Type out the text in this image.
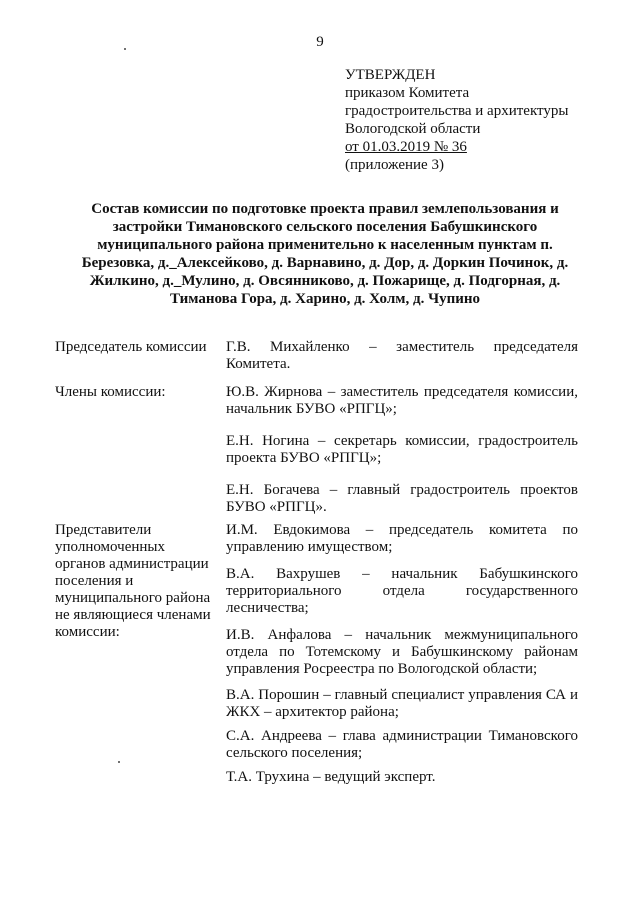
9
УТВЕРЖДЕН
приказом Комитета
градостроительства и архитектуры
Вологодской области
от 01.03.2019 № 36
(приложение 3)
Состав комиссии по подготовке проекта правил землепользования и
застройки Тимановского сельского поселения Бабушкинского
муниципального района применительно к населенным пунктам п.
Березовка, д._Алексейково, д. Варнавино, д. Дор, д. Доркин Починок, д.
Жилкино, д._Мулино, д. Овсянниково, д. Пожарище, д. Подгорная, д.
Тиманова Гора, д. Харино, д. Холм, д. Чупино
Председатель комиссии	Г.В. Михайленко – заместитель председателя Комитета.
Члены комиссии:	Ю.В. Жирнова – заместитель председателя комиссии, начальник БУВО «РПГЦ»;
Е.Н. Ногина – секретарь комиссии, градостроитель проекта БУВО «РПГЦ»;
Е.Н. Богачева – главный градостроитель проектов БУВО «РПГЦ».
Представители уполномоченных органов администрации поселения и муниципального района не являющиеся членами комиссии:
И.М. Евдокимова – председатель комитета по управлению имуществом;
В.А. Вахрушев – начальник Бабушкинского территориального отдела государственного лесничества;
И.В. Анфалова – начальник межмуниципального отдела по Тотемскому и Бабушкинскому районам управления Росреестра по Вологодской области;
В.А. Порошин – главный специалист управления СА и ЖКХ – архитектор района;
С.А. Андреева – глава администрации Тимановского сельского поселения;
Т.А. Трухина – ведущий эксперт.
